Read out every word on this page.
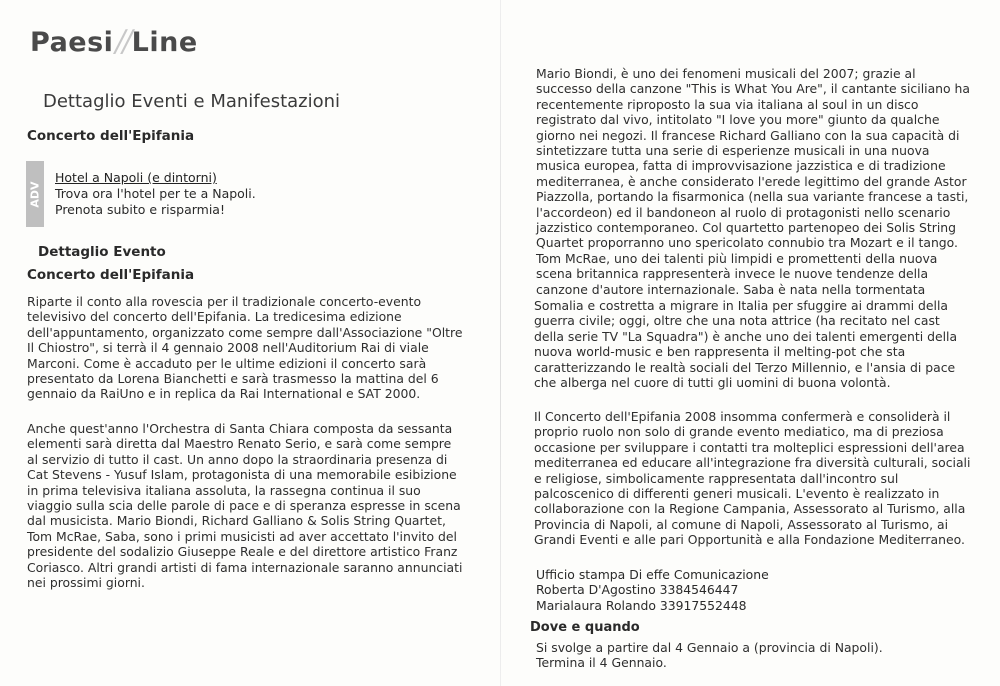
Paesi//Line
Dettaglio Eventi e Manifestazioni
Concerto dell'Epifania
ADV
Hotel a Napoli (e dintorni)
Trova ora l'hotel per te a Napoli.
Prenota subito e risparmia!
Dettaglio Evento
Concerto dell'Epifania
Riparte il conto alla rovescia per il tradizionale concerto-evento
televisivo del concerto dell'Epifania. La tredicesima edizione
dell'appuntamento, organizzato come sempre dall'Associazione "Oltre
Il Chiostro", si terrà il 4 gennaio 2008 nell'Auditorium Rai di viale
Marconi. Come è accaduto per le ultime edizioni il concerto sarà
presentato da Lorena Bianchetti e sarà trasmesso la mattina del 6
gennaio da RaiUno e in replica da Rai International e SAT 2000.
Anche quest'anno l'Orchestra di Santa Chiara composta da sessanta
elementi sarà diretta dal Maestro Renato Serio, e sarà come sempre
al servizio di tutto il cast. Un anno dopo la straordinaria presenza di
Cat Stevens - Yusuf Islam, protagonista di una memorabile esibizione
in prima televisiva italiana assoluta, la rassegna continua il suo
viaggio sulla scia delle parole di pace e di speranza espresse in scena
dal musicista. Mario Biondi, Richard Galliano & Solis String Quartet,
Tom McRae, Saba, sono i primi musicisti ad aver accettato l'invito del
presidente del sodalizio Giuseppe Reale e del direttore artistico Franz
Coriasco. Altri grandi artisti di fama internazionale saranno annunciati
nei prossimi giorni.
Mario Biondi, è uno dei fenomeni musicali del 2007; grazie al
successo della canzone "This is What You Are", il cantante siciliano ha
recentemente riproposto la sua via italiana al soul in un disco
registrato dal vivo, intitolato "I love you more" giunto da qualche
giorno nei negozi. Il francese Richard Galliano con la sua capacità di
sintetizzare tutta una serie di esperienze musicali in una nuova
musica europea, fatta di improvvisazione jazzistica e di tradizione
mediterranea, è anche considerato l'erede legittimo del grande Astor
Piazzolla, portando la fisarmonica (nella sua variante francese a tasti,
l'accordeon) ed il bandoneon al ruolo di protagonisti nello scenario
jazzistico contemporaneo. Col quartetto partenopeo dei Solis String
Quartet proporranno uno spericolato connubio tra Mozart e il tango.
Tom McRae, uno dei talenti più limpidi e promettenti della nuova
scena britannica rappresenterà invece le nuove tendenze della
canzone d'autore internazionale. Saba è nata nella tormentata
Somalia e costretta a migrare in Italia per sfuggire ai drammi della
guerra civile; oggi, oltre che una nota attrice (ha recitato nel cast
della serie TV "La Squadra") è anche uno dei talenti emergenti della
nuova world-music e ben rappresenta il melting-pot che sta
caratterizzando le realtà sociali del Terzo Millennio, e l'ansia di pace
che alberga nel cuore di tutti gli uomini di buona volontà.
Il Concerto dell'Epifania 2008 insomma confermerà e consoliderà il
proprio ruolo non solo di grande evento mediatico, ma di preziosa
occasione per sviluppare i contatti tra molteplici espressioni dell'area
mediterranea ed educare all'integrazione fra diversità culturali, sociali
e religiose, simbolicamente rappresentata dall'incontro sul
palcoscenico di differenti generi musicali. L'evento è realizzato in
collaborazione con la Regione Campania, Assessorato al Turismo, alla
Provincia di Napoli, al comune di Napoli, Assessorato al Turismo, ai
Grandi Eventi e alle pari Opportunità e alla Fondazione Mediterraneo.
Ufficio stampa Di effe Comunicazione
Roberta D'Agostino 3384546447
Marialaura Rolando 33917552448
Dove e quando
Si svolge a partire dal 4 Gennaio a (provincia di Napoli).
Termina il 4 Gennaio.
